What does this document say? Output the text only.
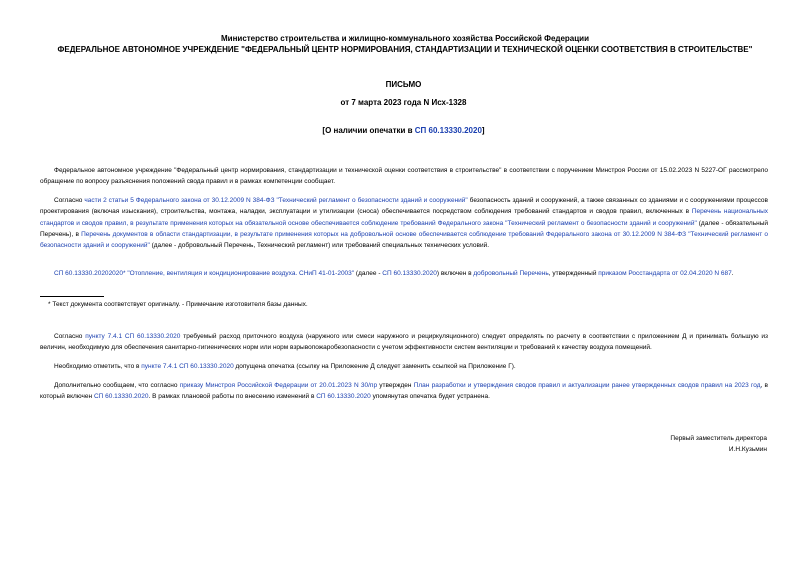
Министерство строительства и жилищно-коммунального хозяйства Российской Федерации
ФЕДЕРАЛЬНОЕ АВТОНОМНОЕ УЧРЕЖДЕНИЕ "ФЕДЕРАЛЬНЫЙ ЦЕНТР НОРМИРОВАНИЯ, СТАНДАРТИЗАЦИИ И ТЕХНИЧЕСКОЙ ОЦЕНКИ СООТВЕТСТВИЯ В СТРОИТЕЛЬСТВЕ"
ПИСЬМО
от 7 марта 2023 года N Исх-1328
[О наличии опечатки в СП 60.13330.2020]
Федеральное автономное учреждение "Федеральный центр нормирования, стандартизации и технической оценки соответствия в строительстве" в соответствии с поручением Минстроя России от 15.02.2023 N 5227-ОГ рассмотрело обращение по вопросу разъяснения положений свода правил и в рамках компетенции сообщает.
Согласно части 2 статьи 5 Федерального закона от 30.12.2009 N 384-ФЗ "Технический регламент о безопасности зданий и сооружений" безопасность зданий и сооружений, а также связанных со зданиями и с сооружениями процессов проектирования (включая изыскания), строительства, монтажа, наладки, эксплуатации и утилизации (сноса) обеспечивается посредством соблюдения требований стандартов и сводов правил, включенных в Перечень национальных стандартов и сводов правил, в результате применения которых на обязательной основе обеспечивается соблюдение требований Федерального закона "Технический регламент о безопасности зданий и сооружений" (далее - обязательный Перечень), в Перечень документов в области стандартизации, в результате применения которых на добровольной основе обеспечивается соблюдение требований Федерального закона от 30.12.2009 N 384-ФЗ "Технический регламент о безопасности зданий и сооружений" (далее - добровольный Перечень, Технический регламент) или требований специальных технических условий.
СП 60.13330.20202020* "Отопление, вентиляция и кондиционирование воздуха. СНиП 41-01-2003" (далее - СП 60.13330.2020) включен в добровольный Перечень, утвержденный приказом Росстандарта от 02.04.2020 N 687.
* Текст документа соответствует оригиналу. - Примечание изготовителя базы данных.
Согласно пункту 7.4.1 СП 60.13330.2020 требуемый расход приточного воздуха (наружного или смеси наружного и рециркуляционного) следует определять по расчету в соответствии с приложением Д и принимать большую из величин, необходимую для обеспечения санитарно-гигиенических норм или норм взрывопожаробезопасности с учетом эффективности систем вентиляции и требований к качеству воздуха помещений.
Необходимо отметить, что в пункте 7.4.1 СП 60.13330.2020 допущена опечатка (ссылку на Приложение Д следует заменить ссылкой на Приложение Г).
Дополнительно сообщаем, что согласно приказу Минстроя Российской Федерации от 20.01.2023 N 30/пр утвержден План разработки и утверждения сводов правил и актуализации ранее утвержденных сводов правил на 2023 год, в который включен СП 60.13330.2020. В рамках плановой работы по внесению изменений в СП 60.13330.2020 упомянутая опечатка будет устранена.
Первый заместитель директора
И.Н.Кузьмин
